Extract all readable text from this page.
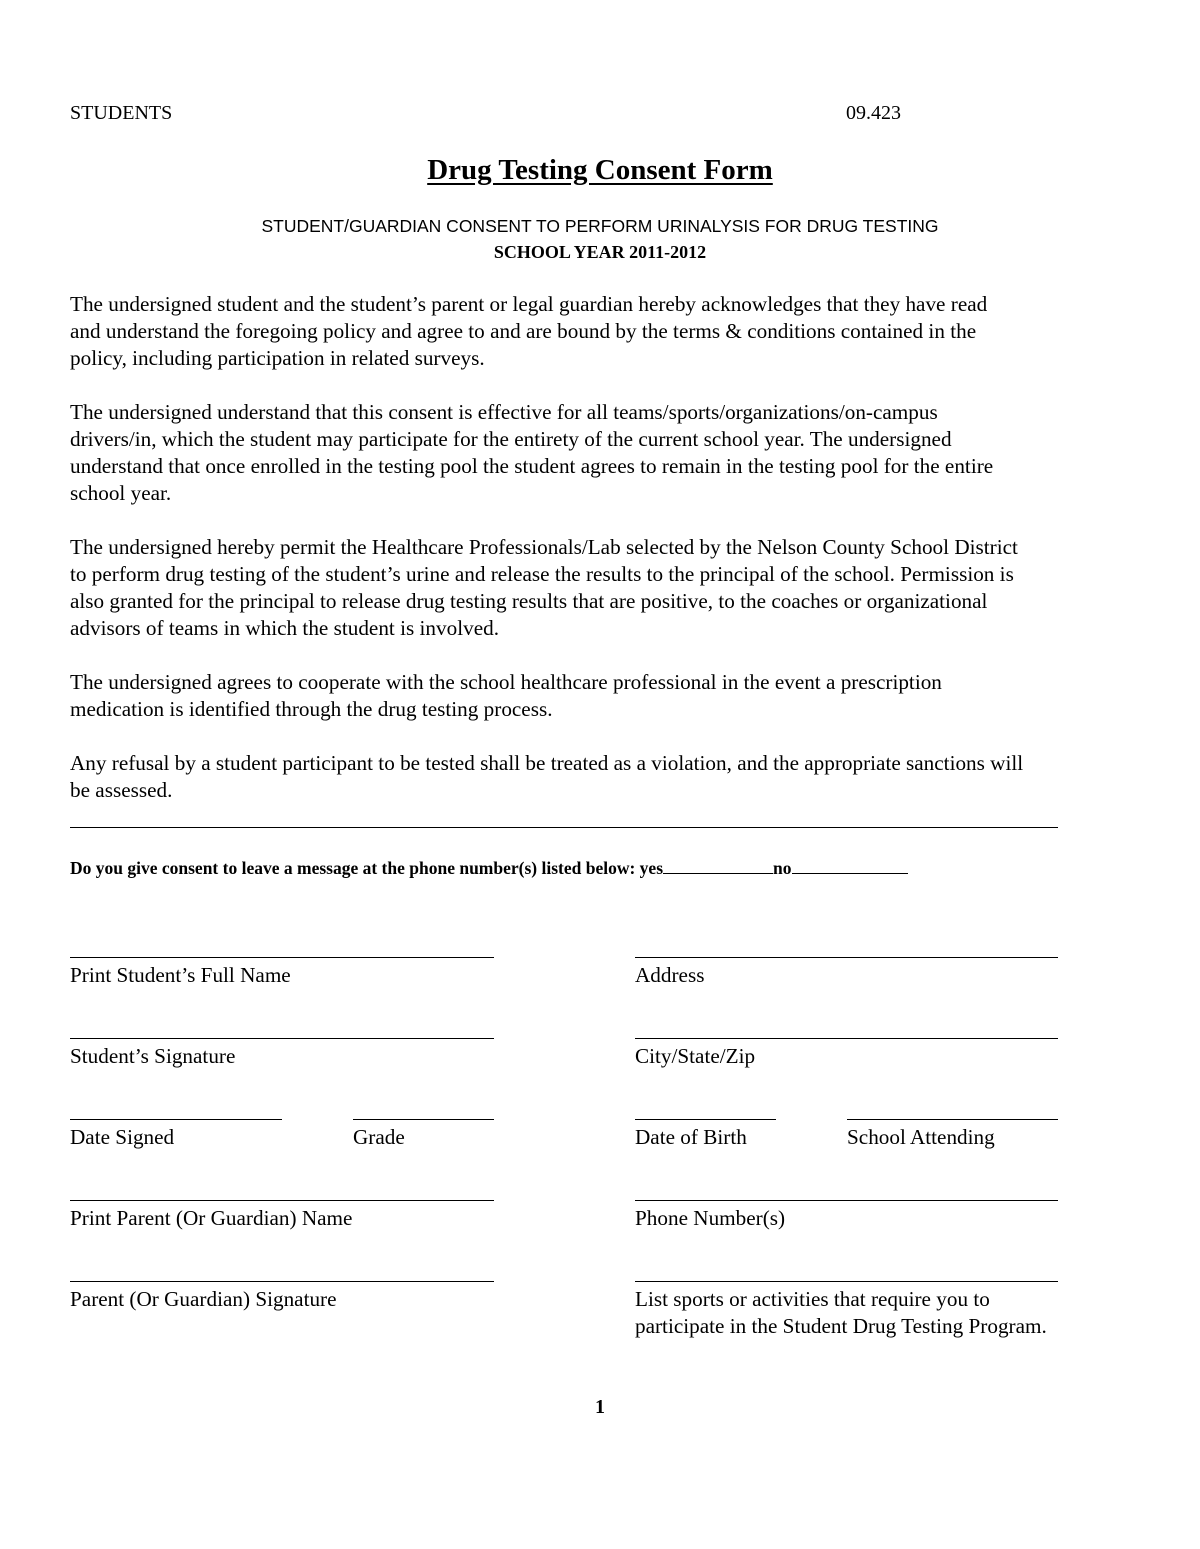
STUDENTS	09.423
Drug Testing Consent Form
STUDENT/GUARDIAN CONSENT TO PERFORM URINALYSIS FOR DRUG TESTING
SCHOOL YEAR 2011-2012
The undersigned student and the student’s parent or legal guardian hereby acknowledges that they have read
and understand the foregoing policy and agree to and are bound by the terms & conditions contained in the
policy, including participation in related surveys.
The undersigned understand that this consent is effective for all teams/sports/organizations/on-campus
drivers/in, which the student may participate for the entirety of the current school year. The undersigned
understand that once enrolled in the testing pool the student agrees to remain in the testing pool for the entire
school year.
The undersigned hereby permit the Healthcare Professionals/Lab selected by the Nelson County School District
to perform drug testing of the student’s urine and release the results to the principal of the school. Permission is
also granted for the principal to release drug testing results that are positive, to the coaches or organizational
advisors of teams in which the student is involved.
The undersigned agrees to cooperate with the school healthcare professional in the event a prescription
medication is identified through the drug testing process.
Any refusal by a student participant to be tested shall be treated as a violation, and the appropriate sanctions will
be assessed.
Do you give consent to leave a message at the phone number(s) listed below: yes	no
Print Student’s Full Name	Address
Student’s Signature	City/State/Zip
Date Signed	Grade	Date of Birth	School Attending
Print Parent (Or Guardian) Name	Phone Number(s)
Parent (Or Guardian) Signature	List sports or activities that require you to
participate in the Student Drug Testing Program.
1
